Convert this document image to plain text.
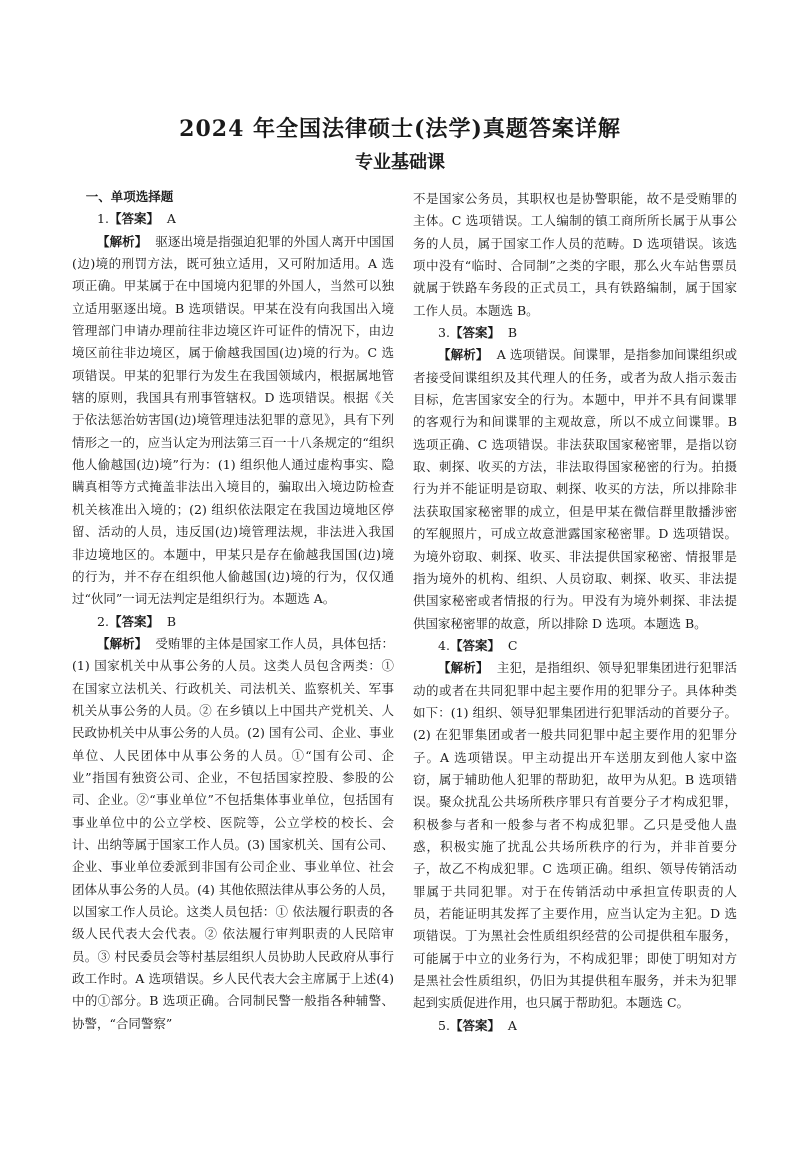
2024 年全国法律硕士(法学)真题答案详解
专业基础课

一、单项选择题

1.【答案】 A

【解析】 驱逐出境是指强迫犯罪的外国人离开中国国(边)境的刑罚方法，既可独立适用，又可附加适用。A 选项正确。甲某属于在中国境内犯罪的外国人，当然可以独立适用驱逐出境。B 选项错误。甲某在没有向我国出入境管理部门申请办理前往非边境区许可证件的情况下，由边境区前往非边境区，属于偷越我国国(边)境的行为。C 选项错误。甲某的犯罪行为发生在我国领域内，根据属地管辖的原则，我国具有刑事管辖权。D 选项错误。根据《关于依法惩治妨害国(边)境管理违法犯罪的意见》，具有下列情形之一的，应当认定为刑法第三百一十八条规定的“组织他人偷越国(边)境”行为：(1) 组织他人通过虚构事实、隐瞒真相等方式掩盖非法出入境目的，骗取出入境边防检查机关核准出入境的；(2) 组织依法限定在我国边境地区停留、活动的人员，违反国(边)境管理法规，非法进入我国非边境地区的。本题中，甲某只是存在偷越我国国(边)境的行为，并不存在组织他人偷越国(边)境的行为，仅仅通过“伙同”一词无法判定是组织行为。本题选 A。

2.【答案】 B

【解析】 受贿罪的主体是国家工作人员，具体包括：(1) 国家机关中从事公务的人员。这类人员包含两类：① 在国家立法机关、行政机关、司法机关、监察机关、军事机关从事公务的人员。② 在乡镇以上中国共产党机关、人民政协机关中从事公务的人员。(2) 国有公司、企业、事业单位、人民团体中从事公务的人员。①“国有公司、企业”指国有独资公司、企业，不包括国家控股、参股的公司、企业。②“事业单位”不包括集体事业单位，包括国有事业单位中的公立学校、医院等，公立学校的校长、会计、出纳等属于国家工作人员。(3) 国家机关、国有公司、企业、事业单位委派到非国有公司企业、事业单位、社会团体从事公务的人员。(4) 其他依照法律从事公务的人员，以国家工作人员论。这类人员包括：① 依法履行职责的各级人民代表大会代表。② 依法履行审判职责的人民陪审员。③ 村民委员会等村基层组织人员协助人民政府从事行政工作时。A 选项错误。乡人民代表大会主席属于上述(4)中的①部分。B 选项正确。合同制民警一般指各种辅警、协警，“合同警察”

不是国家公务员，其职权也是协警职能，故不是受贿罪的主体。C 选项错误。工人编制的镇工商所所长属于从事公务的人员，属于国家工作人员的范畴。D 选项错误。该选项中没有“临时、合同制”之类的字眼，那么火车站售票员就属于铁路车务段的正式员工，具有铁路编制，属于国家工作人员。本题选 B。

3.【答案】 B

【解析】 A 选项错误。间谍罪，是指参加间谍组织或者接受间谍组织及其代理人的任务，或者为敌人指示轰击目标，危害国家安全的行为。本题中，甲并不具有间谍罪的客观行为和间谍罪的主观故意，所以不成立间谍罪。B 选项正确、C 选项错误。非法获取国家秘密罪，是指以窃取、刺探、收买的方法，非法取得国家秘密的行为。拍摄行为并不能证明是窃取、刺探、收买的方法，所以排除非法获取国家秘密罪的成立，但是甲某在微信群里散播涉密的军舰照片，可成立故意泄露国家秘密罪。D 选项错误。为境外窃取、刺探、收买、非法提供国家秘密、情报罪是指为境外的机构、组织、人员窃取、刺探、收买、非法提供国家秘密或者情报的行为。甲没有为境外刺探、非法提供国家秘密罪的故意，所以排除 D 选项。本题选 B。

4.【答案】 C

【解析】 主犯，是指组织、领导犯罪集团进行犯罪活动的或者在共同犯罪中起主要作用的犯罪分子。具体种类如下：(1) 组织、领导犯罪集团进行犯罪活动的首要分子。(2) 在犯罪集团或者一般共同犯罪中起主要作用的犯罪分子。A 选项错误。甲主动提出开车送朋友到他人家中盗窃，属于辅助他人犯罪的帮助犯，故甲为从犯。B 选项错误。聚众扰乱公共场所秩序罪只有首要分子才构成犯罪，积极参与者和一般参与者不构成犯罪。乙只是受他人蛊惑，积极实施了扰乱公共场所秩序的行为，并非首要分子，故乙不构成犯罪。C 选项正确。组织、领导传销活动罪属于共同犯罪。对于在传销活动中承担宣传职责的人员，若能证明其发挥了主要作用，应当认定为主犯。D 选项错误。丁为黑社会性质组织经营的公司提供租车服务，可能属于中立的业务行为，不构成犯罪；即使丁明知对方是黑社会性质组织，仍旧为其提供租车服务，并未为犯罪起到实质促进作用，也只属于帮助犯。本题选 C。

5.【答案】 A
